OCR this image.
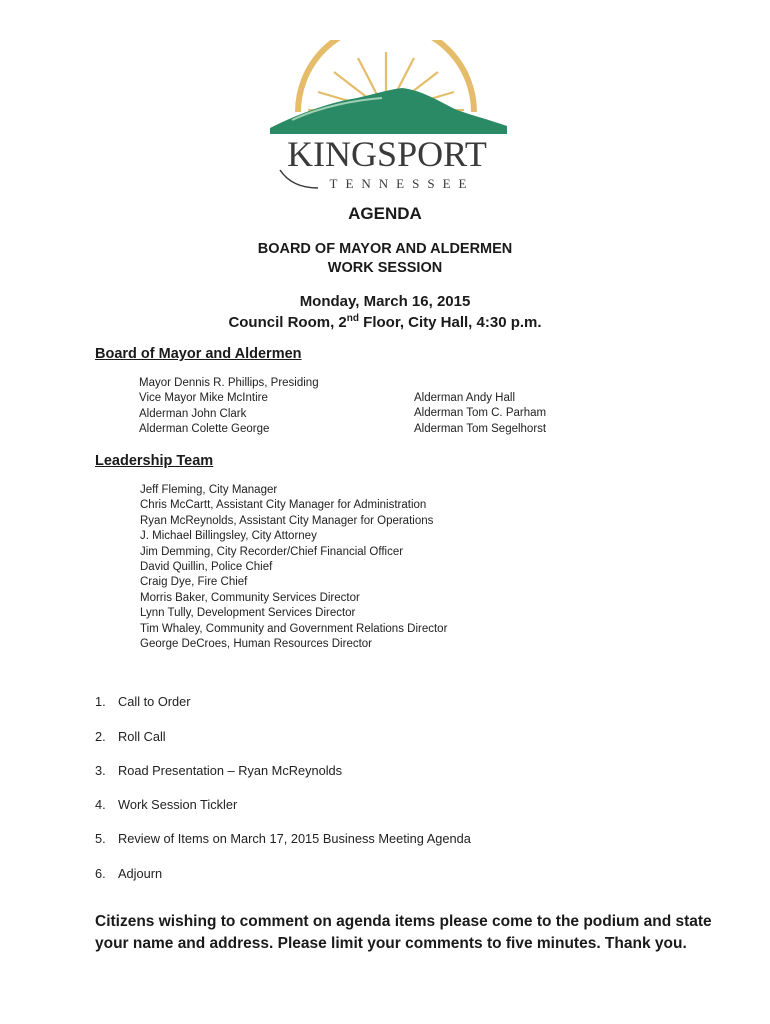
KINGSPORT
TENNESSEE
AGENDA
BOARD OF MAYOR AND ALDERMEN
WORK SESSION
Monday, March 16, 2015
Council Room, 2nd Floor, City Hall, 4:30 p.m.
Board of Mayor and Aldermen
Mayor Dennis R. Phillips, Presiding
Vice Mayor Mike McIntire
Alderman John Clark
Alderman Colette George
Alderman Andy Hall
Alderman Tom C. Parham
Alderman Tom Segelhorst
Leadership Team
Jeff Fleming, City Manager
Chris McCartt, Assistant City Manager for Administration
Ryan McReynolds, Assistant City Manager for Operations
J. Michael Billingsley, City Attorney
Jim Demming, City Recorder/Chief Financial Officer
David Quillin, Police Chief
Craig Dye, Fire Chief
Morris Baker, Community Services Director
Lynn Tully, Development Services Director
Tim Whaley, Community and Government Relations Director
George DeCroes, Human Resources Director
1. Call to Order
2. Roll Call
3. Road Presentation – Ryan McReynolds
4. Work Session Tickler
5. Review of Items on March 17, 2015 Business Meeting Agenda
6. Adjourn
Citizens wishing to comment on agenda items please come to the podium and state
your name and address. Please limit your comments to five minutes. Thank you.
